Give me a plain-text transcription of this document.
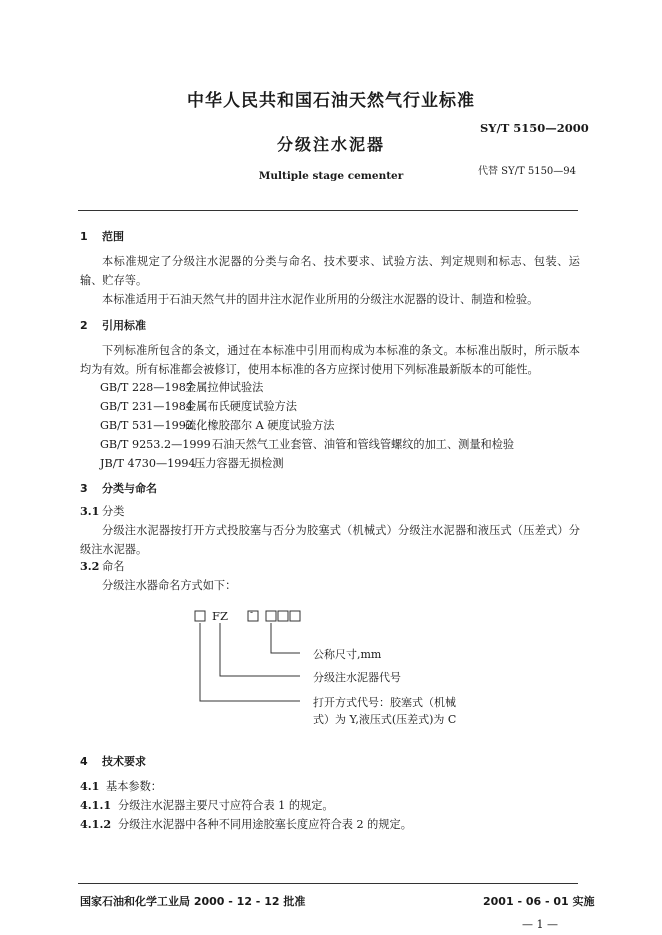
中华人民共和国石油天然气行业标准
SY/T 5150—2000
分级注水泥器
代替 SY/T 5150—94
Multiple stage cementer
1 范围
本标准规定了分级注水泥器的分类与命名、技术要求、试验方法、判定规则和标志、包装、运输、贮存等。
本标准适用于石油天然气井的固井注水泥作业所用的分级注水泥器的设计、制造和检验。
2 引用标准
下列标准所包含的条文，通过在本标准中引用而构成为本标准的条文。本标准出版时，所示版本均为有效。所有标准都会被修订，使用本标准的各方应探讨使用下列标准最新版本的可能性。
GB/T 228—1987金属拉伸试验法
GB/T 231—1984金属布氏硬度试验方法
GB/T 531—1992硫化橡胶邵尔 A 硬度试验方法
GB/T 9253.2—1999石油天然气工业套管、油管和管线管螺纹的加工、测量和检验
JB/T 4730—1994压力容器无损检测
3 分类与命名
3.1 分类
分级注水泥器按打开方式投胶塞与否分为胶塞式（机械式）分级注水泥器和液压式（压差式）分级注水泥器。
3.2 命名
分级注水器命名方式如下：
FZ -
公称尺寸,mm
分级注水泥器代号
打开方式代号：胶塞式（机械
式）为 Y,液压式(压差式)为 C
4 技术要求
4.1 基本参数：
4.1.1 分级注水泥器主要尺寸应符合表 1 的规定。
4.1.2 分级注水泥器中各种不同用途胶塞长度应符合表 2 的规定。
国家石油和化学工业局 2000 - 12 - 12 批准	2001 - 06 - 01 实施
— 1 —
